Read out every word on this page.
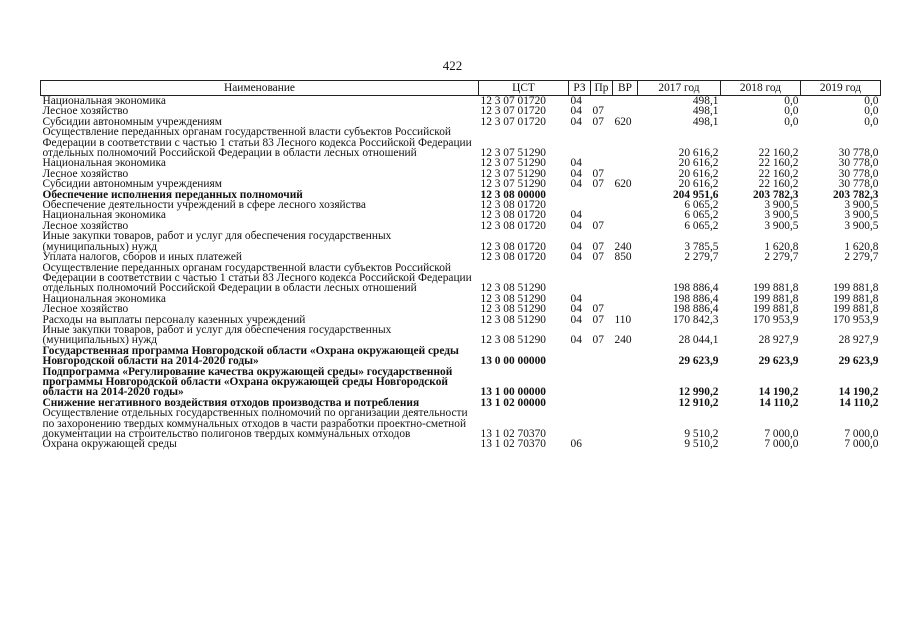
422
Наименование	ЦСТ	РЗ	Пр	ВР	2017 год	2018 год	2019 год
Национальная экономика	12 3 07 01720	04			498,1	0,0	0,0
Лесное хозяйство	12 3 07 01720	04	07		498,1	0,0	0,0
Субсидии автономным учреждениям	12 3 07 01720	04	07	620	498,1	0,0	0,0
Осуществление переданных органам государственной власти субъектов Российской Федерации в соответствии с частью 1 статьи 83 Лесного кодекса Российской Федерации отдельных полномочий Российской Федерации в области лесных отношений	12 3 07 51290				20 616,2	22 160,2	30 778,0
Национальная экономика	12 3 07 51290	04			20 616,2	22 160,2	30 778,0
Лесное хозяйство	12 3 07 51290	04	07		20 616,2	22 160,2	30 778,0
Субсидии автономным учреждениям	12 3 07 51290	04	07	620	20 616,2	22 160,2	30 778,0
Обеспечение исполнения переданных полномочий	12 3 08 00000				204 951,6	203 782,3	203 782,3
Обеспечение деятельности учреждений в сфере лесного хозяйства	12 3 08 01720				6 065,2	3 900,5	3 900,5
Национальная экономика	12 3 08 01720	04			6 065,2	3 900,5	3 900,5
Лесное хозяйство	12 3 08 01720	04	07		6 065,2	3 900,5	3 900,5
Иные закупки товаров, работ и услуг для обеспечения государственных (муниципальных) нужд	12 3 08 01720	04	07	240	3 785,5	1 620,8	1 620,8
Уплата налогов, сборов и иных платежей	12 3 08 01720	04	07	850	2 279,7	2 279,7	2 279,7
Осуществление переданных органам государственной власти субъектов Российской Федерации в соответствии с частью 1 статьи 83 Лесного кодекса Российской Федерации отдельных полномочий Российской Федерации в области лесных отношений	12 3 08 51290				198 886,4	199 881,8	199 881,8
Национальная экономика	12 3 08 51290	04			198 886,4	199 881,8	199 881,8
Лесное хозяйство	12 3 08 51290	04	07		198 886,4	199 881,8	199 881,8
Расходы на выплаты персоналу казенных учреждений	12 3 08 51290	04	07	110	170 842,3	170 953,9	170 953,9
Иные закупки товаров, работ и услуг для обеспечения государственных (муниципальных) нужд	12 3 08 51290	04	07	240	28 044,1	28 927,9	28 927,9
Государственная программа Новгородской области «Охрана окружающей среды Новгородской области на 2014-2020 годы»	13 0 00 00000				29 623,9	29 623,9	29 623,9
Подпрограмма «Регулирование качества окружающей среды» государственной программы Новгородской области «Охрана окружающей среды Новгородской области на 2014-2020 годы»	13 1 00 00000				12 990,2	14 190,2	14 190,2
Снижение негативного воздействия отходов производства и потребления	13 1 02 00000				12 910,2	14 110,2	14 110,2
Осуществление отдельных государственных полномочий по организации деятельности по захоронению твердых коммунальных отходов в части разработки проектно-сметной документации на строительство полигонов твердых коммунальных отходов	13 1 02 70370				9 510,2	7 000,0	7 000,0
Охрана окружающей среды	13 1 02 70370	06			9 510,2	7 000,0	7 000,0
